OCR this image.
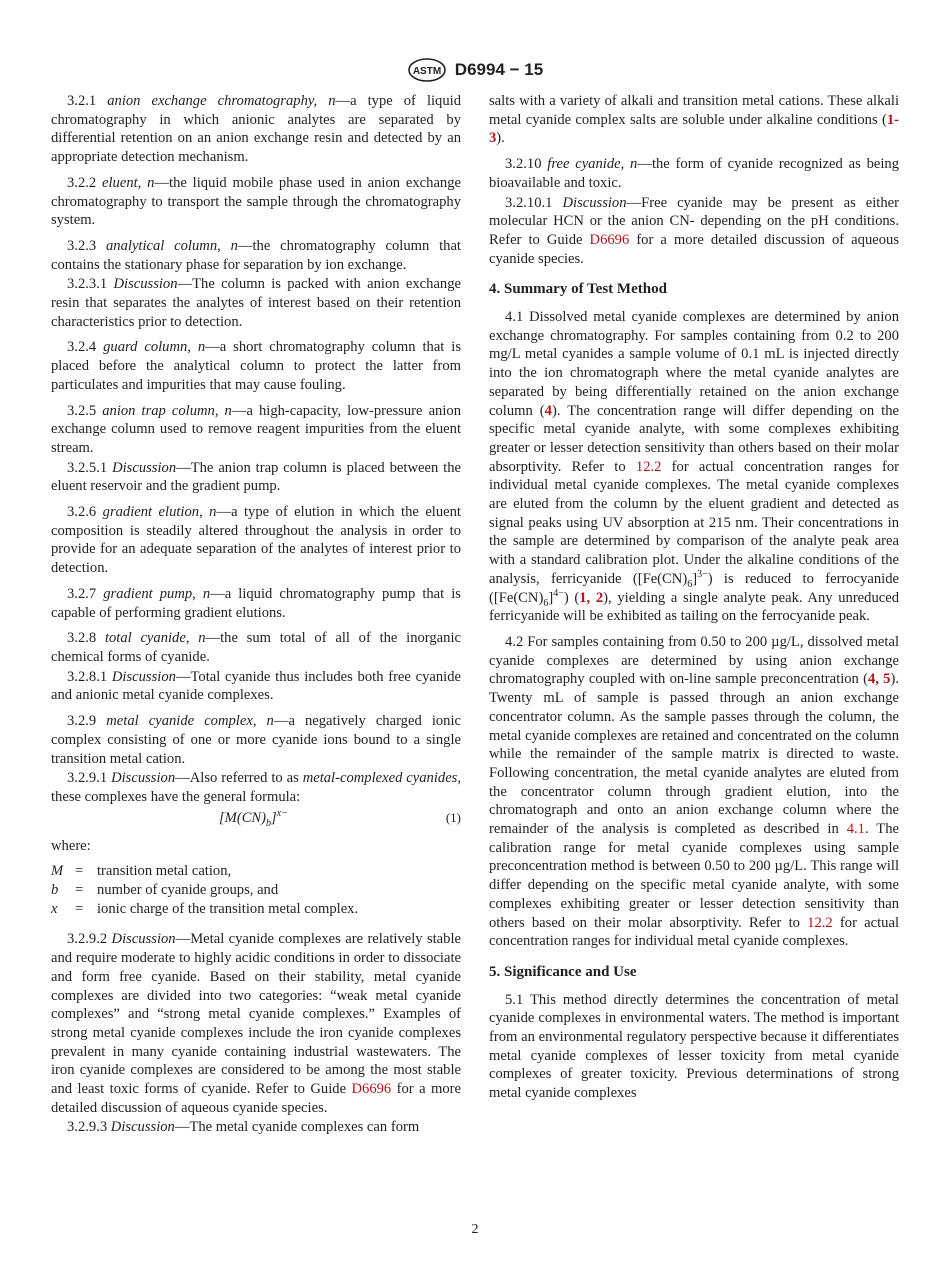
ASTM D6994 − 15

3.2.1 anion exchange chromatography, n—a type of liquid chromatography in which anionic analytes are separated by differential retention on an anion exchange resin and detected by an appropriate detection mechanism.

3.2.2 eluent, n—the liquid mobile phase used in anion exchange chromatography to transport the sample through the chromatography system.

3.2.3 analytical column, n—the chromatography column that contains the stationary phase for separation by ion exchange.

3.2.3.1 Discussion—The column is packed with anion exchange resin that separates the analytes of interest based on their retention characteristics prior to detection.

3.2.4 guard column, n—a short chromatography column that is placed before the analytical column to protect the latter from particulates and impurities that may cause fouling.

3.2.5 anion trap column, n—a high-capacity, low-pressure anion exchange column used to remove reagent impurities from the eluent stream.

3.2.5.1 Discussion—The anion trap column is placed between the eluent reservoir and the gradient pump.

3.2.6 gradient elution, n—a type of elution in which the eluent composition is steadily altered throughout the analysis in order to provide for an adequate separation of the analytes of interest prior to detection.

3.2.7 gradient pump, n—a liquid chromatography pump that is capable of performing gradient elutions.

3.2.8 total cyanide, n—the sum total of all of the inorganic chemical forms of cyanide.

3.2.8.1 Discussion—Total cyanide thus includes both free cyanide and anionic metal cyanide complexes.

3.2.9 metal cyanide complex, n—a negatively charged ionic complex consisting of one or more cyanide ions bound to a single transition metal cation.

3.2.9.1 Discussion—Also referred to as metal-complexed cyanides, these complexes have the general formula:

$[M(CN)_b]^{x-}$	(1)

where:

M = transition metal cation,
b	= number of cyanide groups, and
x	= ionic charge of the transition metal complex.

3.2.9.2 Discussion—Metal cyanide complexes are relatively stable and require moderate to highly acidic conditions in order to dissociate and form free cyanide. Based on their stability, metal cyanide complexes are divided into two categories: “weak metal cyanide complexes” and “strong metal cyanide complexes.” Examples of strong metal cyanide complexes include the iron cyanide complexes prevalent in many cyanide containing industrial wastewaters. The iron cyanide complexes are considered to be among the most stable and least toxic forms of cyanide. Refer to Guide D6696 for a more detailed discussion of aqueous cyanide species.

3.2.9.3 Discussion—The metal cyanide complexes can form

salts with a variety of alkali and transition metal cations. These alkali metal cyanide complex salts are soluble under alkaline conditions (1-3).

3.2.10 free cyanide, n—the form of cyanide recognized as being bioavailable and toxic.

3.2.10.1 Discussion—Free cyanide may be present as either molecular HCN or the anion CN- depending on the pH conditions. Refer to Guide D6696 for a more detailed discussion of aqueous cyanide species.

4. Summary of Test Method

4.1 Dissolved metal cyanide complexes are determined by anion exchange chromatography. For samples containing from 0.2 to 200 mg/L metal cyanides a sample volume of 0.1 mL is injected directly into the ion chromatograph where the metal cyanide analytes are separated by being differentially retained on the anion exchange column (4). The concentration range will differ depending on the specific metal cyanide analyte, with some complexes exhibiting greater or lesser detection sensitivity than others based on their molar absorptivity. Refer to 12.2 for actual concentration ranges for individual metal cyanide complexes. The metal cyanide complexes are eluted from the column by the eluent gradient and detected as signal peaks using UV absorption at 215 nm. Their concentrations in the sample are determined by comparison of the analyte peak area with a standard calibration plot. Under the alkaline conditions of the analysis, ferricyanide $([Fe(CN)_6]^{3-})$ is reduced to ferrocyanide $([Fe(CN)_6]^{4-})$ (1, 2), yielding a single analyte peak. Any unreduced ferricyanide will be exhibited as tailing on the ferrocyanide peak.

4.2 For samples containing from 0.50 to 200 µg/L, dissolved metal cyanide complexes are determined by using anion exchange chromatography coupled with on-line sample preconcentration (4, 5). Twenty mL of sample is passed through an anion exchange concentrator column. As the sample passes through the column, the metal cyanide complexes are retained and concentrated on the column while the remainder of the sample matrix is directed to waste. Following concentration, the metal cyanide analytes are eluted from the concentrator column through gradient elution, into the chromatograph and onto an anion exchange column where the remainder of the analysis is completed as described in 4.1. The calibration range for metal cyanide complexes using sample preconcentration method is between 0.50 to 200 µg/L. This range will differ depending on the specific metal cyanide analyte, with some complexes exhibiting greater or lesser detection sensitivity than others based on their molar absorptivity. Refer to 12.2 for actual concentration ranges for individual metal cyanide complexes.

5. Significance and Use

5.1 This method directly determines the concentration of metal cyanide complexes in environmental waters. The method is important from an environmental regulatory perspective because it differentiates metal cyanide complexes of lesser toxicity from metal cyanide complexes of greater toxicity. Previous determinations of strong metal cyanide complexes

2
